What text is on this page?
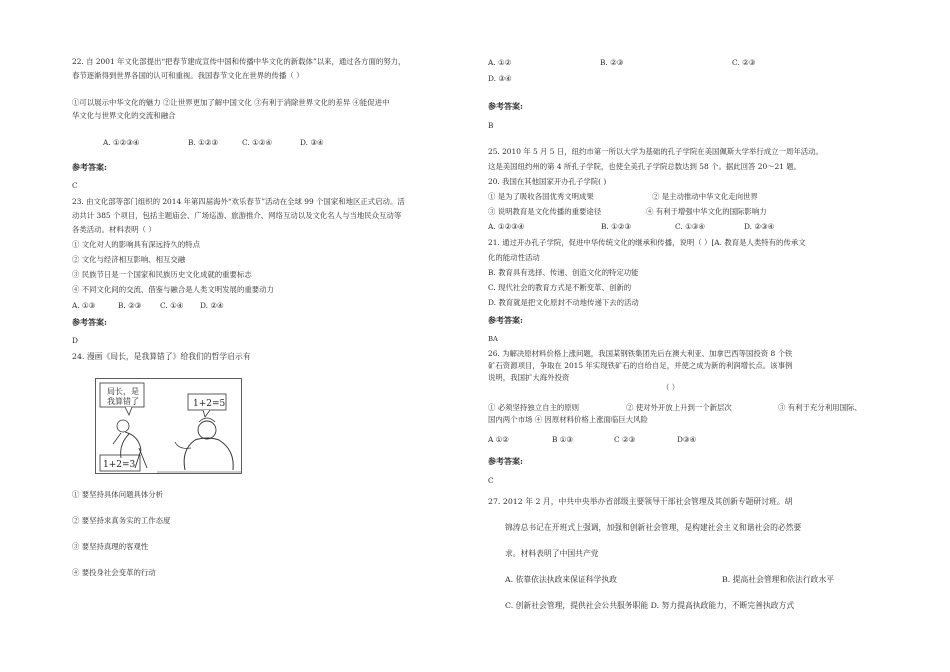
22. 自 2001 年文化部提出“把春节建成宣传中国和传播中华文化的新载体”以来，通过各方面的努力，
春节逐渐得到世界各国的认可和重视。我国春节文化在世界的传播（ ）
①可以展示中华文化的魅力 ②让世界更加了解中国文化 ③有利于消除世界文化的差异 ④能促进中
华文化与世界文化的交流和融合
A. ①②③④	B. ①②③	C. ①②④	D. ③④
参考答案:
C
23. 由文化部等部门组织的 2014 年第四届海外“欢乐春节”活动在全球 99 个国家和地区正式启动。活
动共计 385 个项目，包括主题庙会、广场巡游、旅游推介、网络互动以及文化名人与当地民众互动等
各类活动。材料表明（ ）
① 文化对人的影响具有深远持久的特点
② 文化与经济相互影响、相互交融
③ 民族节日是一个国家和民族历史文化成就的重要标志
④ 不同文化间的交流、借鉴与融合是人类文明发展的重要动力
A. ①③	B. ②③	C. ①④ D. ②④
参考答案:
D
24. 漫画《局长，是我算错了》给我们的哲学启示有
局长，是
我算错了	1+2=5
1+2=3
① 要坚持具体问题具体分析
② 要坚持求真务实的工作态度
③ 要坚持真理的客观性
④ 要投身社会变革的行动
A. ①②	B. ②③	C. ②③
D. ③④
参考答案:
B
25. 2010 年 5 月 5 日，纽约市第一所以大学为基础的孔子学院在美国佩斯大学举行成立一周年活动。
这是美国纽约州的第 4 所孔子学院，也使全美孔子学院总数达到 58 个。据此回答 20～21 题。
20. 我国在其他国家开办孔子学院( )
① 是为了吸收各国优秀文明成果	② 是主动推动中华文化走向世界
③ 说明教育是文化传播的重要途径	④ 有利于增强中华文化的国际影响力
A. ①②③④	B. ①②③	C. ①③④	D. ②③④
21. 通过开办孔子学院，促进中华传统文化的继承和传播，说明（ ）[A. 教育是人类特有的传承文
化的能动性活动
B. 教育具有选择、传递、创造文化的特定功能
C. 现代社会的教育方式是不断变革、创新的
D. 教育就是把文化原封不动地传递下去的活动
参考答案:
BA
26. 为解决原材料价格上涨问题，我国某钢铁集团先后在澳大利亚、加拿巴西等国投资 8 个铁
矿石资源项目，争取在 2015 年实现铁矿石的自给自足，并使之成为新的利润增长点。该事例
说明，我国扩大海外投资
（ ）
① 必须坚持独立自主的原则	② 使对外开放上升到一个新层次	③ 有利于充分利用国际、
国内两个市场 ④ 因原材料价格上涨面临巨大风险
A ①②	B ①③	C ②③	D③④
参考答案:
C
27. 2012 年 2 月，中共中央举办省部级主要领导干部社会管理及其创新专题研讨班。胡
锦涛总书记在开班式上强调，加强和创新社会管理，是构建社会主义和谐社会的必然要
求。材料表明了中国共产党
A. 依靠依法执政来保证科学执政	B. 提高社会管理和依法行政水平
C. 创新社会管理，提供社会公共服务职能 D. 努力提高执政能力，不断完善执政方式
